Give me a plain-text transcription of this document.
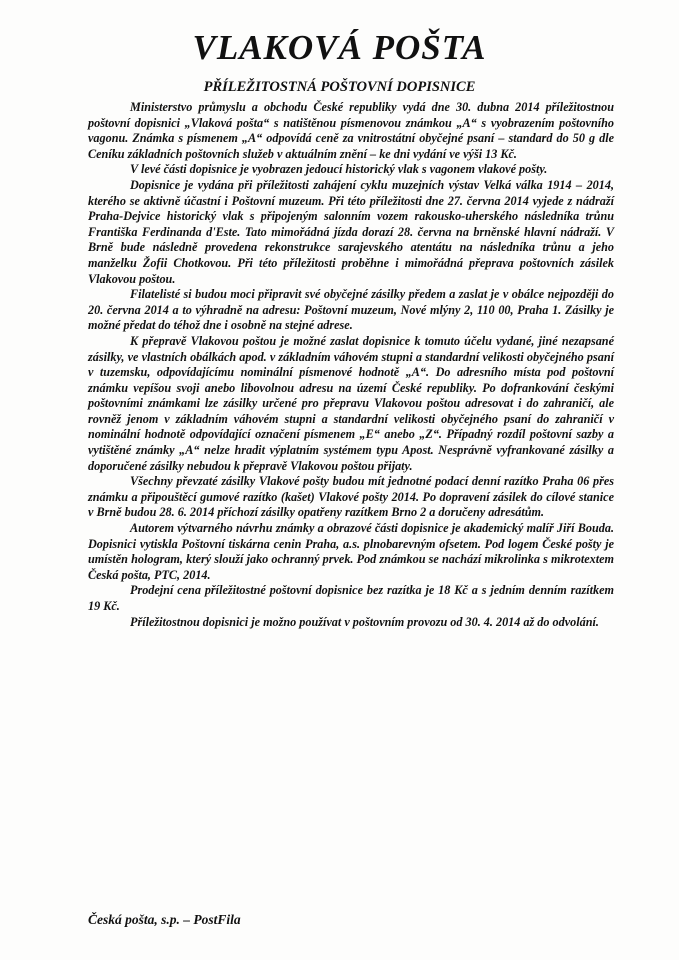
VLAKOVÁ POŠTA
PŘÍLEŽITOSTNÁ POŠTOVNÍ DOPISNICE

Ministerstvo průmyslu a obchodu České republiky vydá dne 30. dubna 2014 příležitostnou poštovní dopisnici „Vlaková pošta“ s natištěnou písmenovou známkou „A“ s vyobrazením poštovního vagonu. Známka s písmenem „A“ odpovídá ceně za vnitrostátní obyčejné psaní – standard do 50 g dle Ceníku základních poštovních služeb v aktuálním znění – ke dni vydání ve výši 13 Kč.

V levé části dopisnice je vyobrazen jedoucí historický vlak s vagonem vlakové pošty.

Dopisnice je vydána při příležitosti zahájení cyklu muzejních výstav Velká válka 1914 – 2014, kterého se aktivně účastní i Poštovní muzeum. Při této příležitosti dne 27. června 2014 vyjede z nádraží Praha-Dejvice historický vlak s připojeným salonním vozem rakousko-uherského následníka trůnu Františka Ferdinanda d'Este. Tato mimořádná jízda dorazí 28. června na brněnské hlavní nádraží. V Brně bude následně provedena rekonstrukce sarajevského atentátu na následníka trůnu a jeho manželku Žofii Chotkovou. Při této příležitosti proběhne i mimořádná přeprava poštovních zásilek Vlakovou poštou.

Filatelisté si budou moci připravit své obyčejné zásilky předem a zaslat je v obálce nejpozději do 20. června 2014 a to výhradně na adresu: Poštovní muzeum, Nové mlýny 2, 110 00, Praha 1. Zásilky je možné předat do téhož dne i osobně na stejné adrese.

K přepravě Vlakovou poštou je možné zaslat dopisnice k tomuto účelu vydané, jiné nezapsané zásilky, ve vlastních obálkách apod. v základním váhovém stupni a standardní velikosti obyčejného psaní v tuzemsku, odpovídajícímu nominální písmenové hodnotě „A“. Do adresního místa pod poštovní známku vepíšou svoji anebo libovolnou adresu na území České republiky. Po dofrankování českými poštovními známkami lze zásilky určené pro přepravu Vlakovou poštou adresovat i do zahraničí, ale rovněž jenom v základním váhovém stupni a standardní velikosti obyčejného psaní do zahraničí v nominální hodnotě odpovídající označení písmenem „E“ anebo „Z“. Případný rozdíl poštovní sazby a vytištěné známky „A“ nelze hradit výplatním systémem typu Apost. Nesprávně vyfrankované zásilky a doporučené zásilky nebudou k přepravě Vlakovou poštou přijaty.

Všechny převzaté zásilky Vlakové pošty budou mít jednotné podací denní razítko Praha 06 přes známku a připouštěcí gumové razítko (kašet) Vlakové pošty 2014. Po dopravení zásilek do cílové stanice v Brně budou 28. 6. 2014 příchozí zásilky opatřeny razítkem Brno 2 a doručeny adresátům.

Autorem výtvarného návrhu známky a obrazové části dopisnice je akademický malíř Jiří Bouda. Dopisnici vytiskla Poštovní tiskárna cenin Praha, a.s. plnobarevným ofsetem. Pod logem České pošty je umístěn hologram, který slouží jako ochranný prvek. Pod známkou se nachází mikrolinka s mikrotextem Česká pošta, PTC, 2014.

Prodejní cena příležitostné poštovní dopisnice bez razítka je 18 Kč a s jedním denním razítkem 19 Kč.

Příležitostnou dopisnici je možno používat v poštovním provozu od 30. 4. 2014 až do odvolání.

Česká pošta, s.p. – PostFila
